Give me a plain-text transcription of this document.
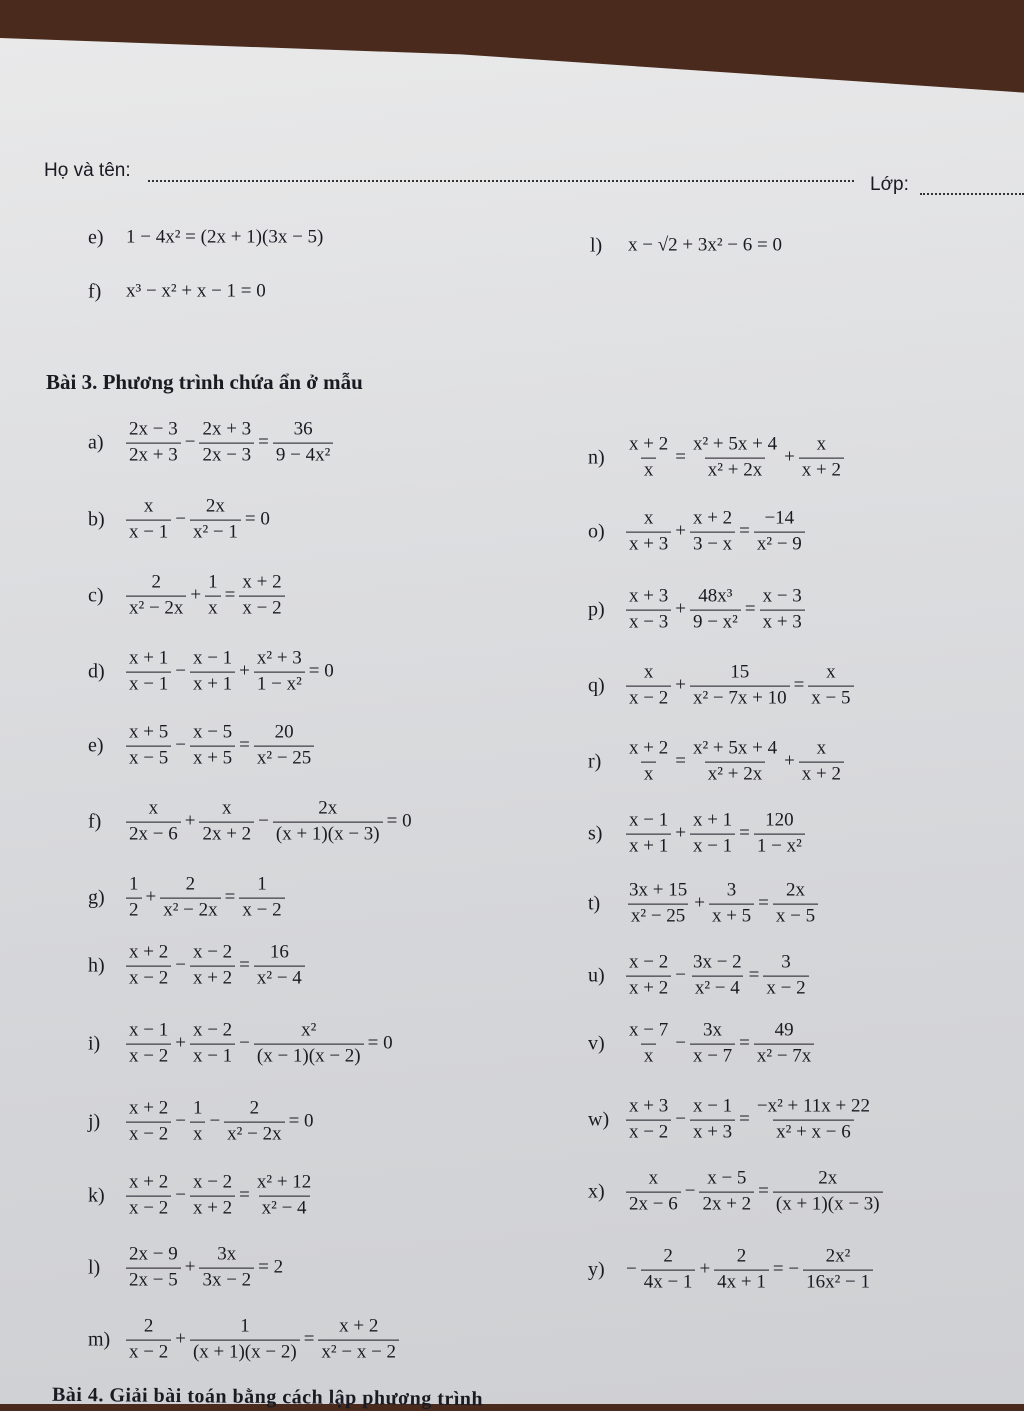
Họ và tên:
Lớp:
Bài 3. Phương trình chứa ẩn ở mẫu
Bài 4. Giải bài toán bằng cách lập phương trình
e)	1 − 4x² = (2x + 1)(3x − 5)
f)	x³ − x² + x − 1 = 0
l)	x − √2 + 3x² − 6 = 0
a)	$\frac{2x - 3}{2x + 3} - \frac{2x + 3}{2x - 3} = \frac{36}{\text{9 − 4x²}}$
b)	$\frac{x}{x - 1} - \frac{2x}{\text{x² − 1}} = 0$
c)	$\frac{2}{\text{x² − 2x}} + \frac{1}{x} = \frac{x + 2}{x - 2}$
d)	$\frac{x + 1}{x - 1} - \frac{x - 1}{x + 1} + \frac{\text{x² + 3}}{\text{1 − x²}} = 0$
e)	$\frac{x + 5}{x - 5} - \frac{x - 5}{x + 5} = \frac{20}{\text{x² − 25}}$
f)	$\frac{x}{2x - 6} + \frac{x}{2x + 2} - \frac{2x}{(x + 1)(x - 3)} = 0$
g)	$\frac{1}{2} + \frac{2}{\text{x² − 2x}} = \frac{1}{x - 2}$
h)	$\frac{x + 2}{x - 2} - \frac{x - 2}{x + 2} = \frac{16}{\text{x² − 4}}$
i)	$\frac{x - 1}{x - 2} + \frac{x - 2}{x - 1} - \frac{\text{x²}}{(x - 1)(x - 2)} = 0$
j)	$\frac{x + 2}{x - 2} - \frac{1}{x} - \frac{2}{\text{x² − 2x}} = 0$
k)	$\frac{x + 2}{x - 2} - \frac{x - 2}{x + 2} = \frac{\text{x² + 12}}{\text{x² − 4}}$
l)	$\frac{2x - 9}{2x - 5} + \frac{3x}{3x - 2} = 2$
$m) \frac{2}{x - 2} + \frac{1}{(x + 1)(x - 2)} = \frac{x + 2}{\text{x² − x − 2}}$
n)	$\frac{x + 2}{x} = \frac{\text{x² + 5x + 4}}{\text{x² + 2x}} + \frac{x}{x + 2}$
o)	$\frac{x}{x + 3} + \frac{x + 2}{3 - x} = \frac{-14}{\text{x² − 9}}$
p)	$\frac{x + 3}{x - 3} + \frac{\text{48x³}}{\text{9 − x²}} = \frac{x - 3}{x + 3}$
q)	$\frac{x}{x - 2} + \frac{15}{\text{x² − 7x + 10}} = \frac{x}{x - 5}$
r)	$\frac{x + 2}{x} = \frac{\text{x² + 5x + 4}}{\text{x² + 2x}} + \frac{x}{x + 2}$
s)	$\frac{x - 1}{x + 1} + \frac{x + 1}{x - 1} = \frac{120}{\text{1 − x²}}$
t)	$\frac{3x + 15}{\text{x² − 25}} + \frac{3}{x + 5} = \frac{2x}{x - 5}$
u)	$\frac{x - 2}{x + 2} - \frac{3x - 2}{\text{x² − 4}} = \frac{3}{x - 2}$
v)	$\frac{x - 7}{x} - \frac{3x}{x - 7} = \frac{49}{\text{x² − 7x}}$
$w) \frac{x + 3}{x - 2} - \frac{x - 1}{x + 3} = \frac{\text{−x² + 11x + 22}}{\text{x² + x − 6}}$
x)	$\frac{x}{2x - 6} - \frac{x - 5}{2x + 2} = \frac{2x}{(x + 1)(x - 3)}$
y)	− $\frac{2}{4x - 1} + \frac{2}{4x + 1}$ = − $\frac{\text{2x²}}{\text{16x² − 1}}$
